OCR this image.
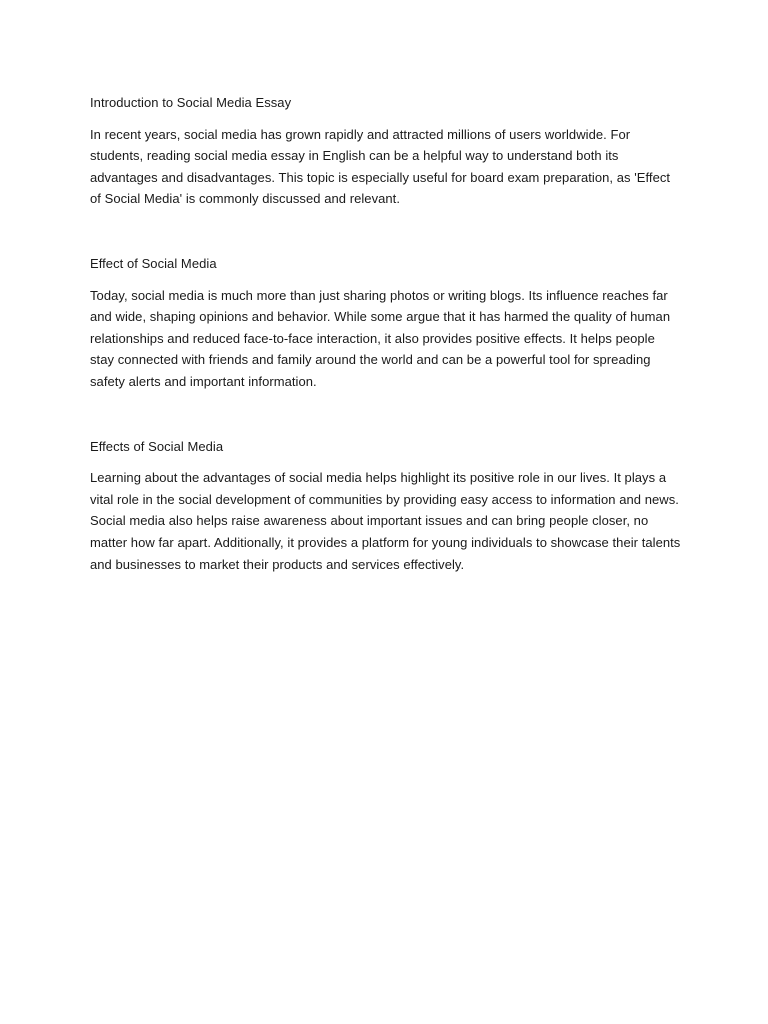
Introduction to Social Media Essay

In recent years, social media has grown rapidly and attracted millions of users worldwide. For students, reading social media essay in English can be a helpful way to understand both its advantages and disadvantages. This topic is especially useful for board exam preparation, as 'Effect of Social Media' is commonly discussed and relevant.

Effect of Social Media

Today, social media is much more than just sharing photos or writing blogs. Its influence reaches far and wide, shaping opinions and behavior. While some argue that it has harmed the quality of human relationships and reduced face-to-face interaction, it also provides positive effects. It helps people stay connected with friends and family around the world and can be a powerful tool for spreading safety alerts and important information.

Effects of Social Media

Learning about the advantages of social media helps highlight its positive role in our lives. It plays a vital role in the social development of communities by providing easy access to information and news. Social media also helps raise awareness about important issues and can bring people closer, no matter how far apart. Additionally, it provides a platform for young individuals to showcase their talents and businesses to market their products and services effectively.
